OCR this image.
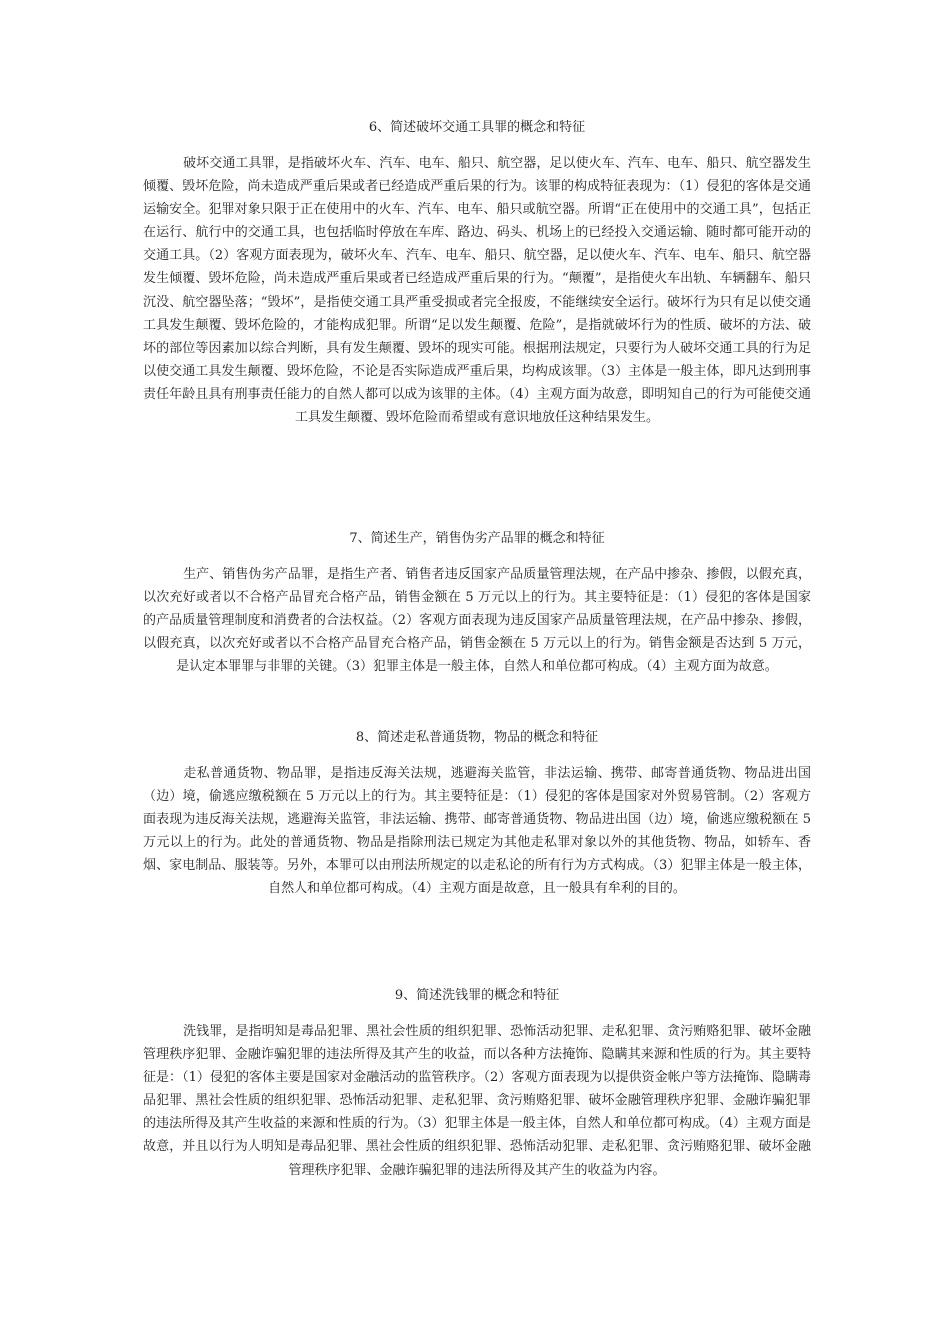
6、简述破坏交通工具罪的概念和特征

破坏交通工具罪，是指破坏火车、汽车、电车、船只、航空器，足以使火车、汽车、电车、船只、航空器发生倾覆、毁坏危险，尚未造成严重后果或者已经造成严重后果的行为。该罪的构成特征表现为：（1）侵犯的客体是交通运输安全。犯罪对象只限于正在使用中的火车、汽车、电车、船只或航空器。所谓“正在使用中的交通工具”，包括正在运行、航行中的交通工具，也包括临时停放在车库、路边、码头、机场上的已经投入交通运输、随时都可能开动的交通工具。（2）客观方面表现为，破坏火车、汽车、电车、船只、航空器，足以使火车、汽车、电车、船只、航空器发生倾覆、毁坏危险，尚未造成严重后果或者已经造成严重后果的行为。“颠覆”，是指使火车出轨、车辆翻车、船只沉没、航空器坠落；“毁坏”，是指使交通工具严重受损或者完全报废，不能继续安全运行。破坏行为只有足以使交通工具发生颠覆、毁坏危险的，才能构成犯罪。所谓“足以发生颠覆、危险”，是指就破坏行为的性质、破坏的方法、破坏的部位等因素加以综合判断，具有发生颠覆、毁坏的现实可能。根据刑法规定，只要行为人破坏交通工具的行为足以使交通工具发生颠覆、毁坏危险，不论是否实际造成严重后果，均构成该罪。（3）主体是一般主体，即凡达到刑事责任年龄且具有刑事责任能力的自然人都可以成为该罪的主体。（4）主观方面为故意，即明知自己的行为可能使交通工具发生颠覆、毁坏危险而希望或有意识地放任这种结果发生。

7、简述生产，销售伪劣产品罪的概念和特征

生产、销售伪劣产品罪，是指生产者、销售者违反国家产品质量管理法规，在产品中掺杂、掺假，以假充真，以次充好或者以不合格产品冒充合格产品，销售金额在 5 万元以上的行为。其主要特征是：（1）侵犯的客体是国家的产品质量管理制度和消费者的合法权益。（2）客观方面表现为违反国家产品质量管理法规，在产品中掺杂、掺假，以假充真，以次充好或者以不合格产品冒充合格产品，销售金额在 5 万元以上的行为。销售金额是否达到 5 万元，是认定本罪罪与非罪的关键。（3）犯罪主体是一般主体，自然人和单位都可构成。（4）主观方面为故意。

8、简述走私普通货物，物品的概念和特征

走私普通货物、物品罪，是指违反海关法规，逃避海关监管，非法运输、携带、邮寄普通货物、物品进出国（边）境，偷逃应缴税额在 5 万元以上的行为。其主要特征是：（1）侵犯的客体是国家对外贸易管制。（2）客观方面表现为违反海关法规，逃避海关监管，非法运输、携带、邮寄普通货物、物品进出国（边）境，偷逃应缴税额在 5 万元以上的行为。此处的普通货物、物品是指除刑法已规定为其他走私罪对象以外的其他货物、物品，如轿车、香烟、家电制品、服装等。另外，本罪可以由刑法所规定的以走私论的所有行为方式构成。（3）犯罪主体是一般主体，自然人和单位都可构成。（4）主观方面是故意，且一般具有牟利的目的。

9、简述洗钱罪的概念和特征

洗钱罪，是指明知是毒品犯罪、黑社会性质的组织犯罪、恐怖活动犯罪、走私犯罪、贪污贿赂犯罪、破坏金融管理秩序犯罪、金融诈骗犯罪的违法所得及其产生的收益，而以各种方法掩饰、隐瞒其来源和性质的行为。其主要特征是：（1）侵犯的客体主要是国家对金融活动的监管秩序。（2）客观方面表现为以提供资金帐户等方法掩饰、隐瞒毒品犯罪、黑社会性质的组织犯罪、恐怖活动犯罪、走私犯罪、贪污贿赂犯罪、破坏金融管理秩序犯罪、金融诈骗犯罪的违法所得及其产生收益的来源和性质的行为。（3）犯罪主体是一般主体，自然人和单位都可构成。（4）主观方面是故意，并且以行为人明知是毒品犯罪、黑社会性质的组织犯罪、恐怖活动犯罪、走私犯罪、贪污贿赂犯罪、破坏金融管理秩序犯罪、金融诈骗犯罪的违法所得及其产生的收益为内容。
